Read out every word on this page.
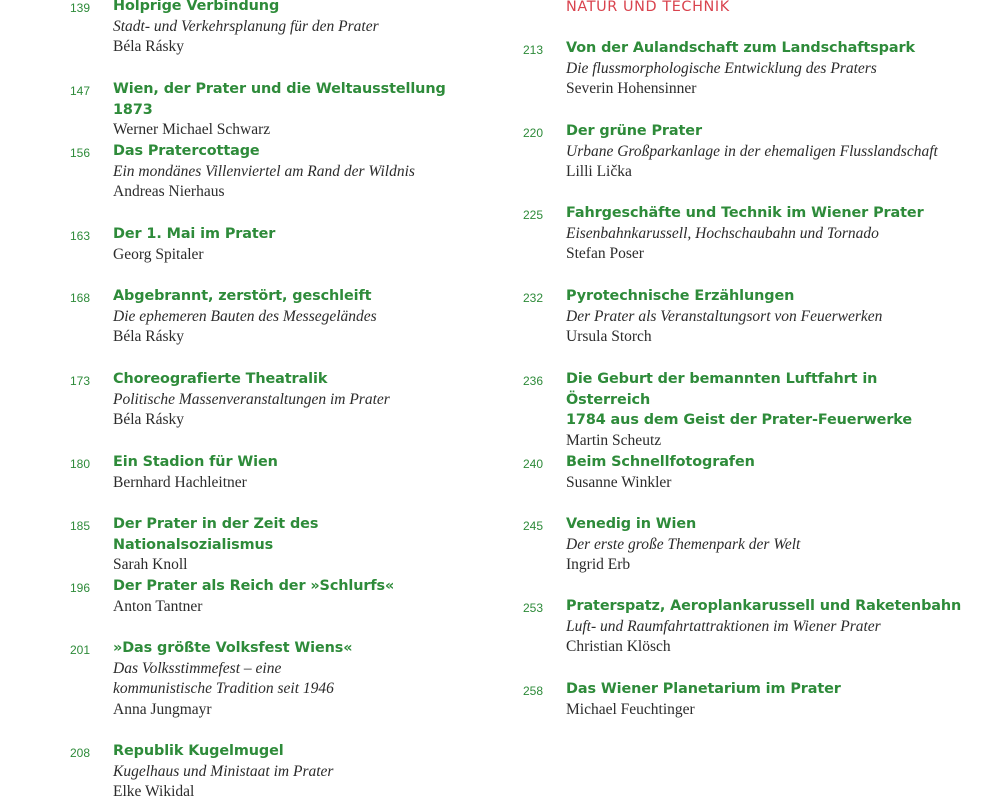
139 Holprige Verbindung
Stadt- und Verkehrsplanung für den Prater
Béla Rásky
147 Wien, der Prater und die Weltausstellung 1873
Werner Michael Schwarz
156 Das Pratercottage
Ein mondänes Villenviertel am Rand der Wildnis
Andreas Nierhaus
163 Der 1. Mai im Prater
Georg Spitaler
168 Abgebrannt, zerstört, geschleift
Die ephemeren Bauten des Messegeländes
Béla Rásky
173 Choreografierte Theatralik
Politische Massenveranstaltungen im Prater
Béla Rásky
180 Ein Stadion für Wien
Bernhard Hachleitner
185 Der Prater in der Zeit des Nationalsozialismus
Sarah Knoll
196 Der Prater als Reich der »Schlurfs«
Anton Tantner
201 »Das größte Volksfest Wiens«
Das Volksstimmefest – eine
kommunistische Tradition seit 1946
Anna Jungmayr
208 Republik Kugelmugel
Kugelhaus und Ministaat im Prater
Elke Wikidal
NATUR UND TECHNIK
213 Von der Aulandschaft zum Landschaftspark
Die flussmorphologische Entwicklung des Praters
Severin Hohensinner
220 Der grüne Prater
Urbane Großparkanlage in der ehemaligen Flusslandschaft
Lilli Lička
225 Fahrgeschäfte und Technik im Wiener Prater
Eisenbahnkarussell, Hochschaubahn und Tornado
Stefan Poser
232 Pyrotechnische Erzählungen
Der Prater als Veranstaltungsort von Feuerwerken
Ursula Storch
236 Die Geburt der bemannten Luftfahrt in Österreich
1784 aus dem Geist der Prater-Feuerwerke
Martin Scheutz
240 Beim Schnellfotografen
Susanne Winkler
245 Venedig in Wien
Der erste große Themenpark der Welt
Ingrid Erb
253 Praterspatz, Aeroplankarussell und Raketenbahn
Luft- und Raumfahrtattraktionen im Wiener Prater
Christian Klösch
258 Das Wiener Planetarium im Prater
Michael Feuchtinger
